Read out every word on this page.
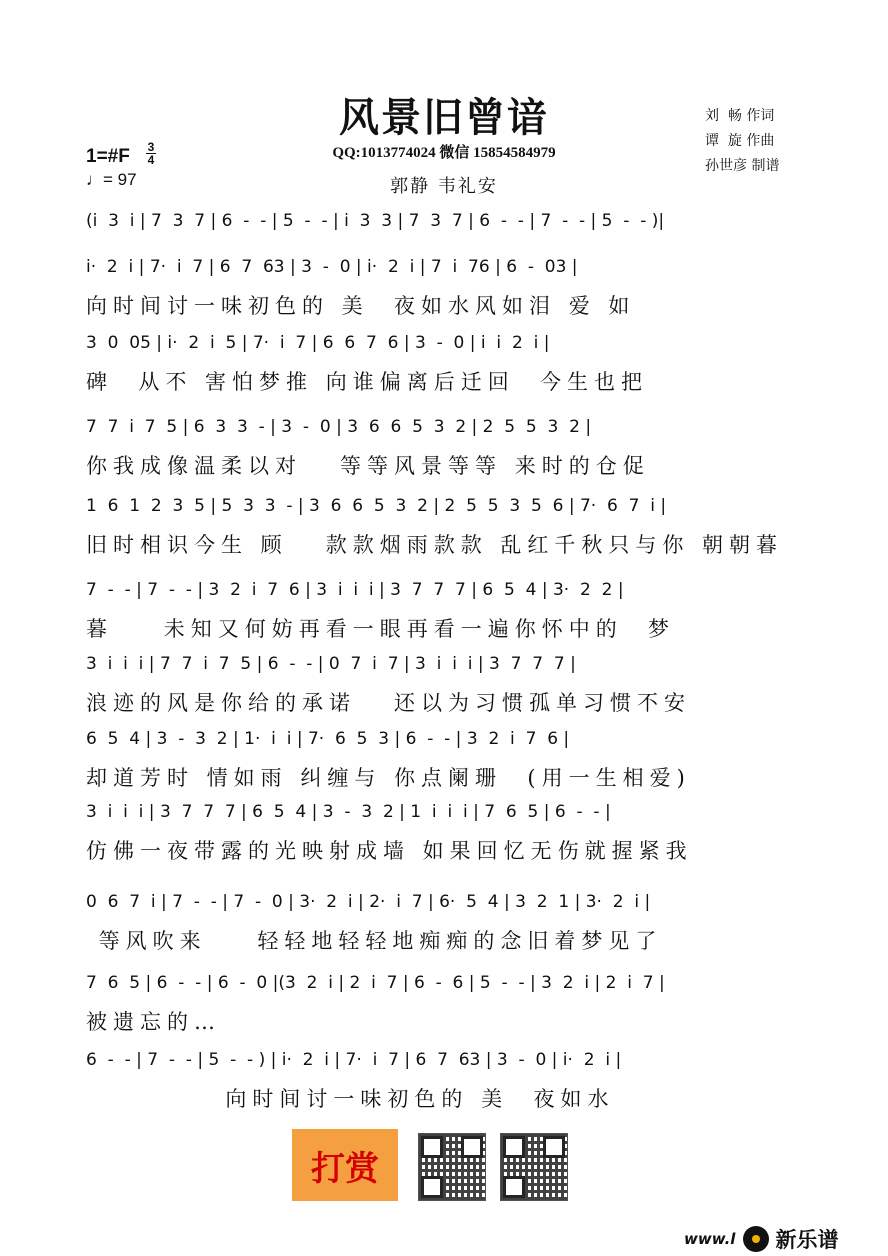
风景旧曾谙
QQ:1013774024 微信 15854584979
郭静 韦礼安
刘  畅 作词
谭  旋 作曲
孙世彦 制谱
1=#F 3
4
♩= 97
(i  3  i | 7  3  7 | 6  -  - | 5  -  - | i  3  3 | 7  3  7 | 6  -  - | 7  -  - | 5  -  - )|
i·  2  i | 7·  i  7 | 6  7  63 | 3  -  0 | i·  2  i | 7  i  76 | 6  -  03 |
向时间讨一味初色的 美  夜如水风如泪 爱 如
3  0  05 | i·  2  i  5 | 7·  i  7 | 6  6  7  6 | 3  -  0 | i  i  2  i |
碑  从不 害怕梦推 向谁偏离后迁回  今生也把
7  7  i  7  5 | 6  3  3  - | 3  -  0 | 3  6  6  5  3  2 | 2  5  5  3  2 |
你我成像温柔以对   等等风景等等 来时的仓促
1  6  1  2  3  5 | 5  3  3  - | 3  6  6  5  3  2 | 2  5  5  3  5  6 | 7·  6  7  i |
旧时相识今生 顾   款款烟雨款款 乱红千秋只与你 朝朝暮
7  -  - | 7  -  - | 3  2  i  7  6 | 3  i  i  i | 3  7  7  7 | 6  5  4 | 3·  2  2 |
暮    未知又何妨再看一眼再看一遍你怀中的  梦
3  i  i  i | 7  7  i  7  5 | 6  -  - | 0  7  i  7 | 3  i  i  i | 3  7  7  7 |
浪迹的风是你给的承诺   还以为习惯孤单习惯不安
6  5  4 | 3  -  3  2 | 1·  i  i | 7·  6  5  3 | 6  -  - | 3  2  i  7  6 |
却道芳时 情如雨 纠缠与 你点阑珊  (用一生相爱)
3  i  i  i | 3  7  7  7 | 6  5  4 | 3  -  3  2 | 1  i  i  i | 7  6  5 | 6  -  - |
仿佛一夜带露的光映射成墙 如果回忆无伤就握紧我
0  6  7  i | 7  -  - | 7  -  0 | 3·  2  i | 2·  i  7 | 6·  5  4 | 3  2  1 | 3·  2  i |
等风吹来    轻轻地轻轻地痴痴的念旧着梦见了
7  6  5 | 6  -  - | 6  -  0 |(3  2  i | 2  i  7 | 6  -  6 | 5  -  - | 3  2  i | 2  i  7 |
被遗忘的…
6  -  - | 7  -  - | 5  -  - ) | i·  2  i | 7·  i  7 | 6  7  63 | 3  -  0 | i·  2  i |
向时间讨一味初色的 美  夜如水
打赏
www.l 新乐谱
